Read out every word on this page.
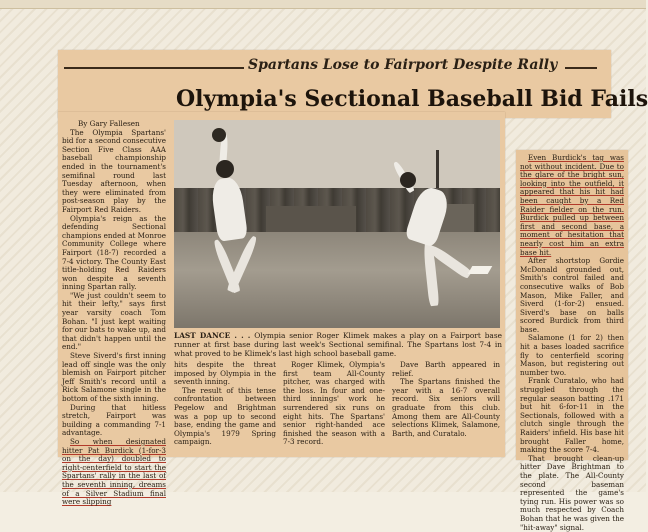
Spartans Lose to Fairport Despite Rally
Olympia's Sectional Baseball Bid Fails

By Gary Fallesen

The Olympia Spartans' bid for a second consecutive Section Five Class AAA baseball championship ended in the tournament's semifinal round last Tuesday afternoon, when they were eliminated from post-season play by the Fairport Red Raiders.

Olympia's reign as the defending Sectional champions ended at Monroe Community College where Fairport (18-7) recorded a 7-4 victory. The County East title-holding Red Raiders won despite a seventh inning Spartan rally.

"We just couldn't seem to hit their lefty," says first year varsity coach Tom Bohan. "I just kept waiting for our bats to wake up, and that didn't happen until the end."

Steve Siverd's first inning lead off single was the only blemish on Fairport pitcher Jeff Smith's record until a Rick Salamone single in the bottom of the sixth inning.

During that hitless stretch, Fairport was building a commanding 7-1 advantage.

So when designated hitter Pat Burdick (1-for-3 on the day) doubled to right-centerfield to start the Spartans' rally in the last of the seventh inning, dreams of a Silver Stadium final were slipping

LAST DANCE . . . Olympia senior Roger Klimek makes a play on a Fairport base runner at first base during last week's Sectional semifinal. The Spartans lost 7-4 in what proved to be Klimek's last high school baseball game.

hits despite the threat imposed by Olympia in the seventh inning.

The result of this tense confrontation between Pegelow and Brightman was a pop up to second base, ending the game and Olympia's 1979 Spring campaign.

Roger Klimek, Olympia's first team All-County pitcher, was charged with the loss. In four and one-third innings' work he surrendered six runs on eight hits. The Spartans' senior right-handed ace finished the season with a 7-3 record.

Dave Barth appeared in relief.

The Spartans finished the year with a 16-7 overall record. Six seniors will graduate from this club. Among them are All-County selections Klimek, Salamone, Barth, and Curatalo.

Even Burdick's tag was not without incident. Due to the glare of the bright sun, looking into the outfield, it appeared that his hit had been caught by a Red Raider fielder on the run. Burdick pulled up between first and second base, a moment of hesitation that nearly cost him an extra base hit.

After shortstop Gordie McDonald grounded out, Smith's control failed and consecutive walks of Bob Mason, Mike Faller, and Siverd (1-for-2) ensued. Siverd's base on balls scored Burdick from third base.

Salamone (1 for 2) then hit a bases loaded sacrifice fly to centerfield scoring Mason, but registering out number two.

Frank Curatalo, who had struggled through the regular season batting .171 but hit 6-for-11 in the Sectionals, followed with a clutch single through the Raiders' infield. His base hit brought Faller home, making the score 7-4.

That brought clean-up hitter Dave Brightman to the plate. The All-County second baseman represented the game's tying run. His power was so much respected by Coach Bohan that he was given the "hit-away" signal.
